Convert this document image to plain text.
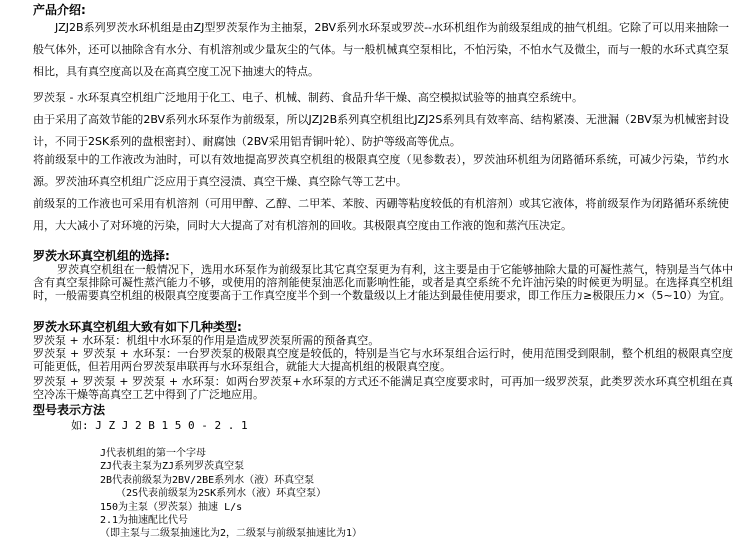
产品介绍:

JZJ2B系列罗茨水环机组是由ZJ型罗茨泵作为主抽泵，2BV系列水环泵或罗茨--水环机组作为前级泵组成的抽气机组。它除了可以用来抽除一般气体外，还可以抽除含有水分、有机溶剂或少量灰尘的气体。与一般机械真空泵相比，不怕污染，不怕水气及微尘，而与一般的水环式真空泵相比，具有真空度高以及在高真空度工况下抽速大的特点。

罗茨泵 - 水环泵真空机组广泛地用于化工、电子、机械、制药、食品升华干燥、高空模拟试验等的抽真空系统中。

由于采用了高效节能的2BV系列水环泵作为前级泵，所以JZJ2B系列真空机组比JZJ2S系列具有效率高、结构紧凑、无泄漏（2BV泵为机械密封设计，不同于2SK系列的盘根密封）、耐腐蚀（2BV采用铝青铜叶轮）、防护等级高等优点。

将前级泵中的工作液改为油时，可以有效地提高罗茨真空机组的极限真空度（见参数表），罗茨油环机组为闭路循环系统，可减少污染，节约水源。罗茨油环真空机组广泛应用于真空浸渍、真空干燥、真空除气等工艺中。

前级泵的工作液也可采用有机溶剂（可用甲醇、乙醇、二甲苯、苯胺、丙硼等粘度较低的有机溶剂）或其它液体，将前级泵作为闭路循环系统使用，大大减小了对环境的污染，同时大大提高了对有机溶剂的回收。其极限真空度由工作液的饱和蒸汽压决定。

罗茨水环真空机组的选择:

罗茨真空机组在一般情况下，选用水环泵作为前级泵比其它真空泵更为有利，这主要是由于它能够抽除大量的可凝性蒸气，特别是当气体中含有真空泵排除可凝性蒸汽能力不够，或使用的溶剂能使泵油恶化而影响性能，或者是真空系统不允许油污染的时候更为明显。在选择真空机组时，一般需要真空机组的极限真空度要高于工作真空度半个到一个数量级以上才能达到最佳使用要求，即工作压力≥极限压力×（5~10）为宜。

罗茨水环真空机组大致有如下几种类型:

罗茨泵 + 水环泵：机组中水环泵的作用是造成罗茨泵所需的预备真空。

罗茨泵 + 罗茨泵 + 水环泵：一台罗茨泵的极限真空度是较低的，特别是当它与水环泵组合运行时，使用范围受到限制，整个机组的极限真空度可能更低，但若用两台罗茨泵串联再与水环泵组合，就能大大提高机组的极限真空度。

罗茨泵 + 罗茨泵 + 罗茨泵 + 水环泵：如两台罗茨泵+水环泵的方式还不能满足真空度要求时，可再加一级罗茨泵，此类罗茨水环真空机组在真空冷冻干燥等高真空工艺中得到了广泛地应用。

型号表示方法

如: J Z J 2 B 1 5 0 - 2 . 1

J代表机组的第一个字母
ZJ代表主泵为ZJ系列罗茨真空泵
2B代表前级泵为2BV/2BE系列水（液）环真空泵
（2S代表前级泵为2SK系列水（液）环真空泵）
150为主泵（罗茨泵）抽速 L/s
2.1为抽速配比代号
（即主泵与二级泵抽速比为2，二级泵与前级泵抽速比为1）
